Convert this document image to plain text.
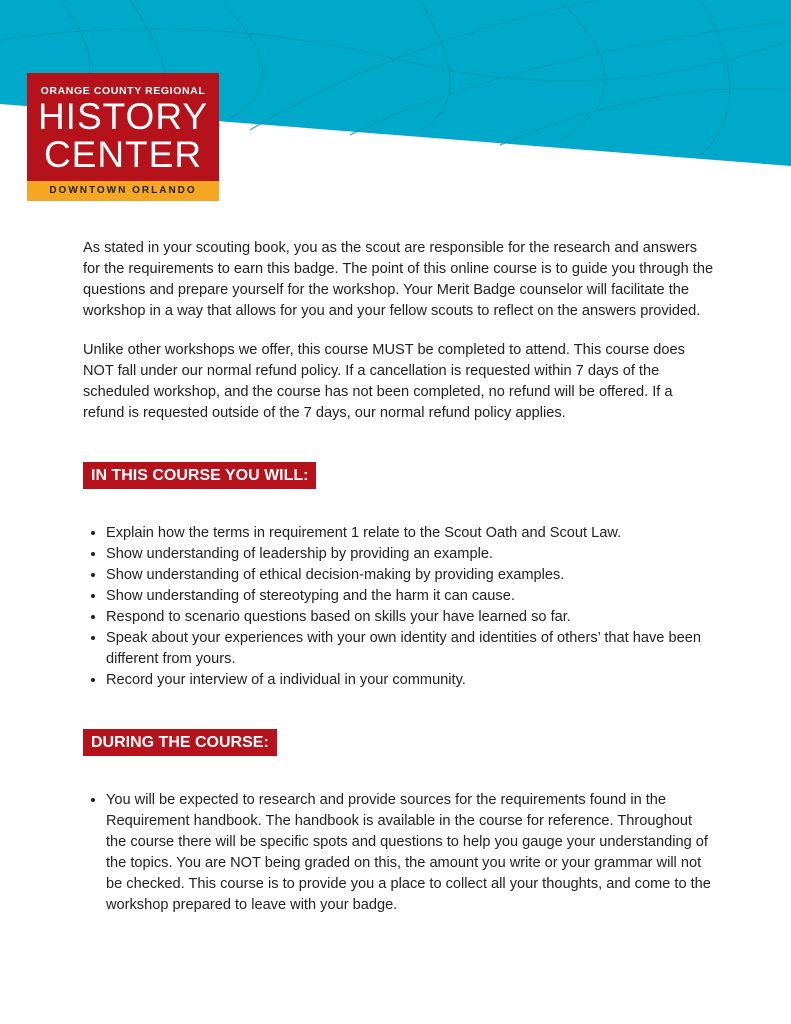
ORANGE COUNTY REGIONAL
HISTORY
CENTER
DOWNTOWN ORLANDO

As stated in your scouting book, you as the scout are responsible for the research and answers for the requirements to earn this badge. The point of this online course is to guide you through the questions and prepare yourself for the workshop. Your Merit Badge counselor will facilitate the workshop in a way that allows for you and your fellow scouts to reflect on the answers provided.

Unlike other workshops we offer, this course MUST be completed to attend. This course does NOT fall under our normal refund policy. If a cancellation is requested within 7 days of the scheduled workshop, and the course has not been completed, no refund will be offered. If a refund is requested outside of the 7 days, our normal refund policy applies.

IN THIS COURSE YOU WILL:
• Explain how the terms in requirement 1 relate to the Scout Oath and Scout Law.
• Show understanding of leadership by providing an example.
• Show understanding of ethical decision-making by providing examples.
• Show understanding of stereotyping and the harm it can cause.
• Respond to scenario questions based on skills your have learned so far.
• Speak about your experiences with your own identity and identities of others’ that have been different from yours.
• Record your interview of a individual in your community.
DURING THE COURSE:
• You will be expected to research and provide sources for the requirements found in the Requirement handbook. The handbook is available in the course for reference. Throughout the course there will be specific spots and questions to help you gauge your understanding of the topics. You are NOT being graded on this, the amount you write or your grammar will not be checked. This course is to provide you a place to collect all your thoughts, and come to the workshop prepared to leave with your badge.
